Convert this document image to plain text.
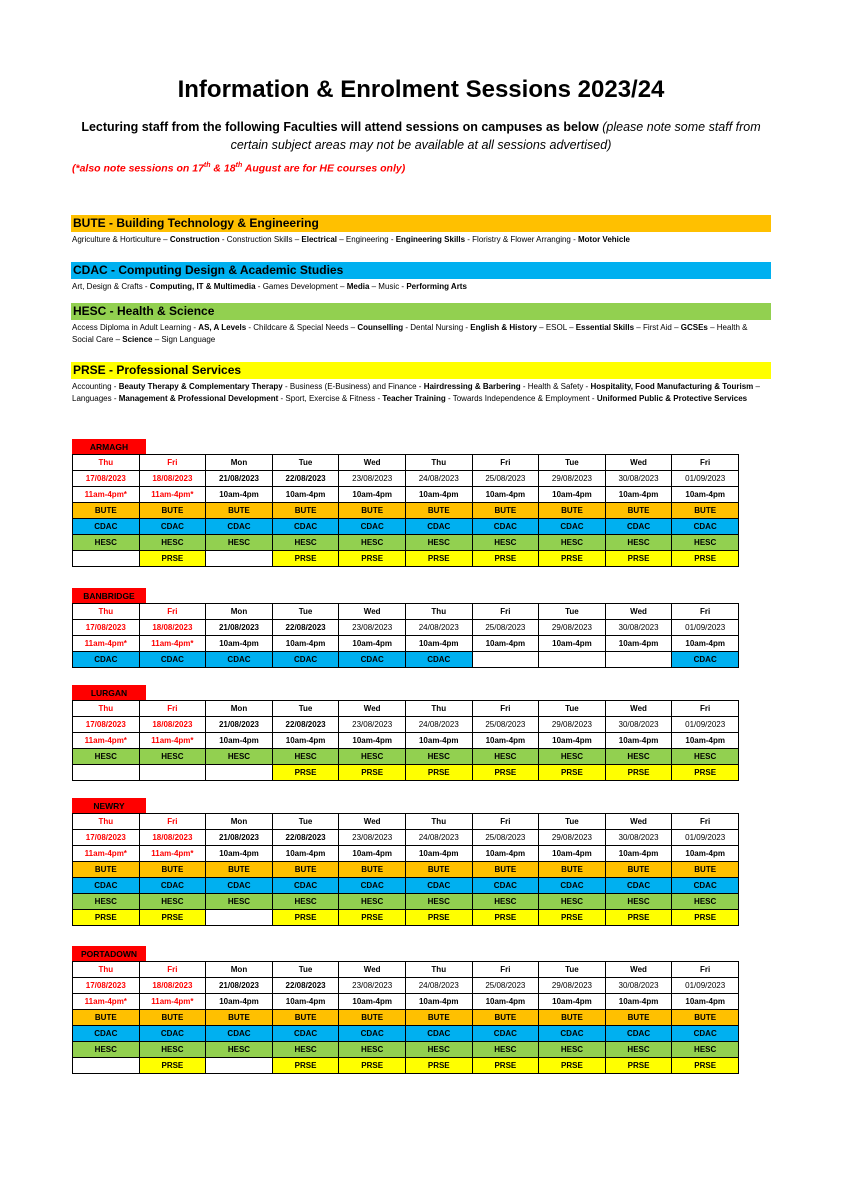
Information & Enrolment Sessions 2023/24
Lecturing staff from the following Faculties will attend sessions on campuses as below (please note some staff from certain subject areas may not be available at all sessions advertised)
(*also note sessions on 17th & 18th August are for HE courses only)
BUTE - Building Technology & Engineering
Agriculture & Horticulture – Construction - Construction Skills – Electrical – Engineering - Engineering Skills - Floristry & Flower Arranging - Motor Vehicle
CDAC - Computing Design & Academic Studies
Art, Design & Crafts - Computing, IT & Multimedia - Games Development – Media – Music - Performing Arts
HESC - Health & Science
Access Diploma in Adult Learning - AS, A Levels - Childcare & Special Needs – Counselling - Dental Nursing - English & History – ESOL – Essential Skills – First Aid – GCSEs – Health & Social Care – Science – Sign Language
PRSE - Professional Services
Accounting - Beauty Therapy & Complementary Therapy - Business (E-Business) and Finance - Hairdressing & Barbering - Health & Safety - Hospitality, Food Manufacturing & Tourism – Languages - Management & Professional Development - Sport, Exercise & Fitness - Teacher Training - Towards Independence & Employment - Uniformed Public & Protective Services
ARMAGH
Thu	Fri	Mon	Tue	Wed	Thu	Fri	Tue	Wed	Fri
17/08/2023	18/08/2023	21/08/2023	22/08/2023	23/08/2023	24/08/2023	25/08/2023	29/08/2023	30/08/2023	01/09/2023
11am-4pm*	11am-4pm*	10am-4pm	10am-4pm	10am-4pm	10am-4pm	10am-4pm	10am-4pm	10am-4pm	10am-4pm
BUTE	BUTE	BUTE	BUTE	BUTE	BUTE	BUTE	BUTE	BUTE	BUTE
CDAC	CDAC	CDAC	CDAC	CDAC	CDAC	CDAC	CDAC	CDAC	CDAC
HESC	HESC	HESC	HESC	HESC	HESC	HESC	HESC	HESC	HESC
	PRSE		PRSE	PRSE	PRSE	PRSE	PRSE	PRSE	PRSE
BANBRIDGE
Thu	Fri	Mon	Tue	Wed	Thu	Fri	Tue	Wed	Fri
17/08/2023	18/08/2023	21/08/2023	22/08/2023	23/08/2023	24/08/2023	25/08/2023	29/08/2023	30/08/2023	01/09/2023
11am-4pm*	11am-4pm*	10am-4pm	10am-4pm	10am-4pm	10am-4pm	10am-4pm	10am-4pm	10am-4pm	10am-4pm
CDAC	CDAC	CDAC	CDAC	CDAC	CDAC				CDAC
LURGAN
Thu	Fri	Mon	Tue	Wed	Thu	Fri	Tue	Wed	Fri
17/08/2023	18/08/2023	21/08/2023	22/08/2023	23/08/2023	24/08/2023	25/08/2023	29/08/2023	30/08/2023	01/09/2023
11am-4pm*	11am-4pm*	10am-4pm	10am-4pm	10am-4pm	10am-4pm	10am-4pm	10am-4pm	10am-4pm	10am-4pm
HESC	HESC	HESC	HESC	HESC	HESC	HESC	HESC	HESC	HESC
			PRSE	PRSE	PRSE	PRSE	PRSE	PRSE	PRSE
NEWRY
Thu	Fri	Mon	Tue	Wed	Thu	Fri	Tue	Wed	Fri
17/08/2023	18/08/2023	21/08/2023	22/08/2023	23/08/2023	24/08/2023	25/08/2023	29/08/2023	30/08/2023	01/09/2023
11am-4pm*	11am-4pm*	10am-4pm	10am-4pm	10am-4pm	10am-4pm	10am-4pm	10am-4pm	10am-4pm	10am-4pm
BUTE	BUTE	BUTE	BUTE	BUTE	BUTE	BUTE	BUTE	BUTE	BUTE
CDAC	CDAC	CDAC	CDAC	CDAC	CDAC	CDAC	CDAC	CDAC	CDAC
HESC	HESC	HESC	HESC	HESC	HESC	HESC	HESC	HESC	HESC
PRSE	PRSE		PRSE	PRSE	PRSE	PRSE	PRSE	PRSE	PRSE
PORTADOWN
Thu	Fri	Mon	Tue	Wed	Thu	Fri	Tue	Wed	Fri
17/08/2023	18/08/2023	21/08/2023	22/08/2023	23/08/2023	24/08/2023	25/08/2023	29/08/2023	30/08/2023	01/09/2023
11am-4pm*	11am-4pm*	10am-4pm	10am-4pm	10am-4pm	10am-4pm	10am-4pm	10am-4pm	10am-4pm	10am-4pm
BUTE	BUTE	BUTE	BUTE	BUTE	BUTE	BUTE	BUTE	BUTE	BUTE
CDAC	CDAC	CDAC	CDAC	CDAC	CDAC	CDAC	CDAC	CDAC	CDAC
HESC	HESC	HESC	HESC	HESC	HESC	HESC	HESC	HESC	HESC
	PRSE		PRSE	PRSE	PRSE	PRSE	PRSE	PRSE	PRSE
